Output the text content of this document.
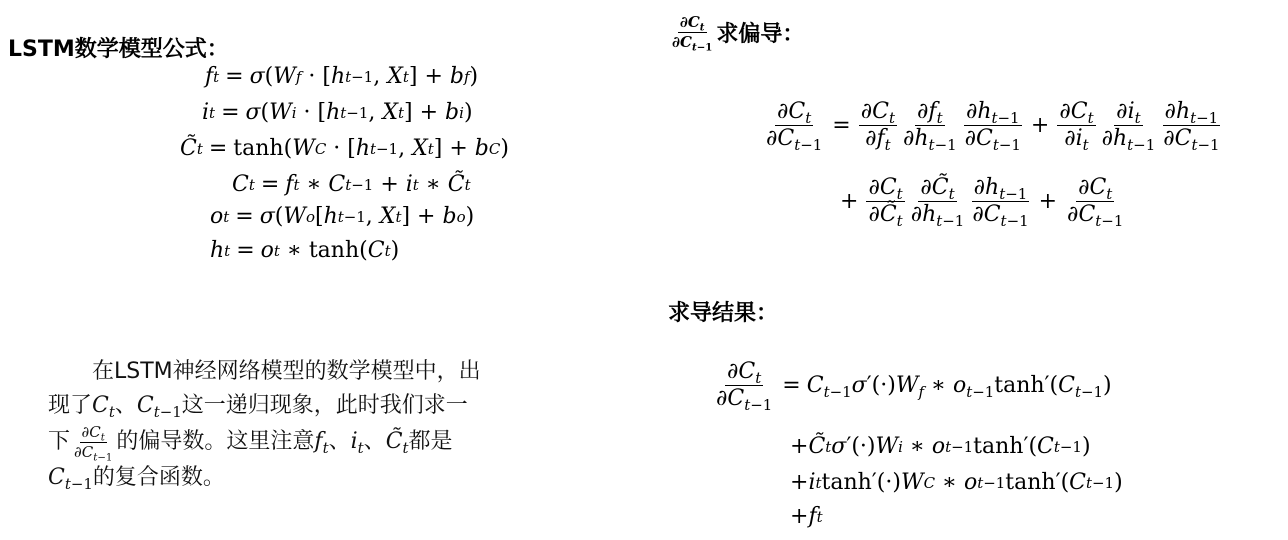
LSTM数学模型公式：
f t = σ ( W f · [ h t−1 , X t ] + b f )
i t = σ ( W i · [ h t−1 , X t ] + b i )
C̃ t = tanh( W C · [ h t−1 , X t ] + b C )
C t = f t ∗ C t−1 + i t ∗ C̃ t
o t = σ ( W o [ h t−1 , X t ] + b o )
h t = o t ∗ tanh( C t )
在LSTM神经网络模型的数学模型中，出
现了 $C_t$ 、 $C_{t-1}$ 这一递归现象，此时我们求一
下 $\frac{\partial C_t}{\partial C_{t-1}}$ 的偏导数。这里注意 $f_t$ 、 $i_t$ 、 $C̃_t$ 都是
$C_{t-1}$ 的复合函数。
$\frac{\partial C_t}{\partial C_{t-1}}$ 求偏导：
$\frac{\partial C_t}{\partial C_{t-1}} = \frac{\partial C_t}{\partial f_t} \frac{\partial f_t}{\partial h_{t-1}} \frac{\partial h_{t-1}}{\partial C_{t-1}} + \frac{\partial C_t}{\partial i_t} \frac{\partial i_t}{\partial h_{t-1}} \frac{\partial h_{t-1}}{\partial C_{t-1}}$
+ $\frac{\partial C_t}{\partial C̃_t} \frac{\partial C̃_t}{\partial h_{t-1}} \frac{\partial h_{t-1}}{\partial C_{t-1}} + \frac{\partial C_t}{\partial C_{t-1}}$
求导结果：
$\frac{\partial C_t}{\partial C_{t-1}} = C_{t-1}\sigma'(\cdot)W_f$ ∗ $o_{t-1}\tanh'(C_{t-1})$
+ C̃ t σ ′(·) W i ∗ o t−1 tanh′( C t−1 )
+ i t tanh′(·) W C ∗ o t−1 tanh′( C t−1 )
+ f t
